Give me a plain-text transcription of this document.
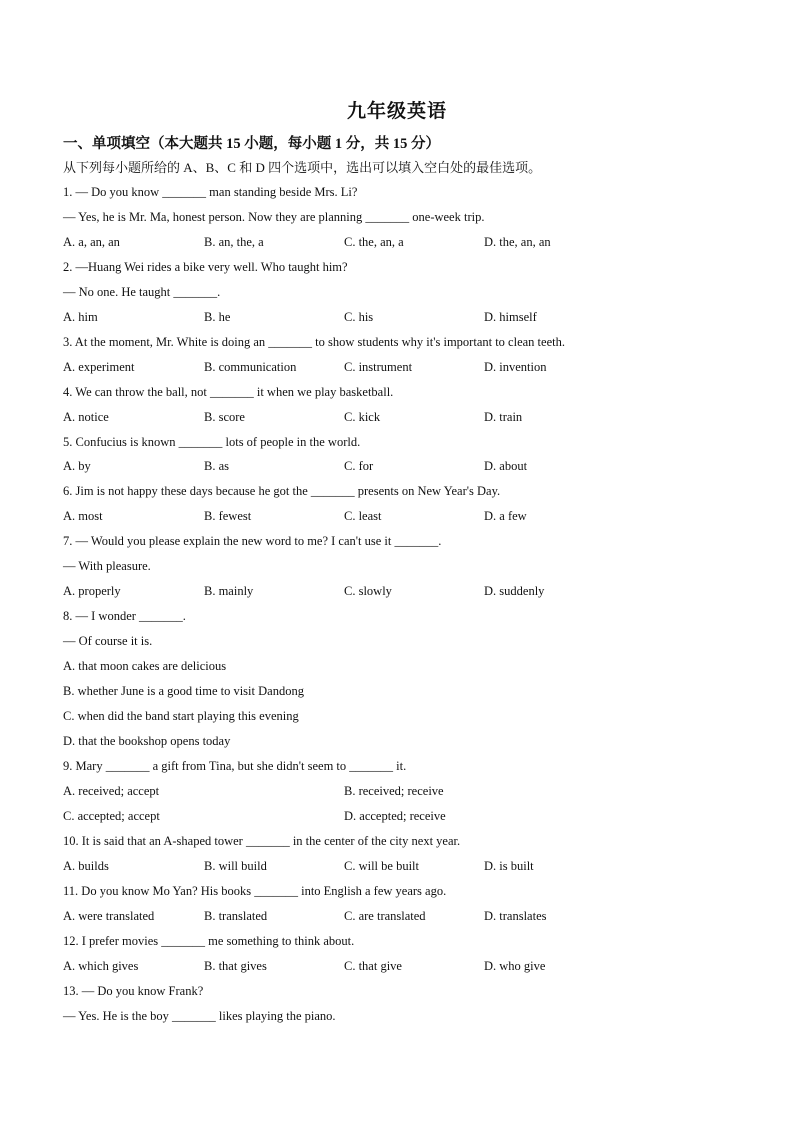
九年级英语
一、单项填空（本大题共 15 小题，每小题 1 分，共 15 分）
从下列每小题所给的 A、B、C 和 D 四个选项中，选出可以填入空白处的最佳选项。
1. — Do you know _______ man standing beside Mrs. Li?
— Yes, he is Mr. Ma, honest person. Now they are planning _______ one-week trip.
A. a, an, an	B. an, the, a	C. the, an, a	D. the, an, an
2. —Huang Wei rides a bike very well. Who taught him?
— No one. He taught _______.
A. him	B. he	C. his	D. himself
3. At the moment, Mr. White is doing an _______ to show students why it's important to clean teeth.
A. experiment	B. communication	C. instrument	D. invention
4. We can throw the ball, not _______ it when we play basketball.
A. notice	B. score	C. kick	D. train
5. Confucius is known _______ lots of people in the world.
A. by	B. as	C. for	D. about
6. Jim is not happy these days because he got the _______ presents on New Year's Day.
A. most	B. fewest	C. least	D. a few
7. — Would you please explain the new word to me? I can't use it _______.
— With pleasure.
A. properly	B. mainly	C. slowly	D. suddenly
8. — I wonder _______.
— Of course it is.
A. that moon cakes are delicious
B. whether June is a good time to visit Dandong
C. when did the band start playing this evening
D. that the bookshop opens today
9. Mary _______ a gift from Tina, but she didn't seem to _______ it.
A. received; accept	B. received; receive
C. accepted; accept	D. accepted; receive
10. It is said that an A-shaped tower _______ in the center of the city next year.
A. builds	B. will build	C. will be built	D. is built
11. Do you know Mo Yan? His books _______ into English a few years ago.
A. were translated	B. translated	C. are translated	D. translates
12. I prefer movies _______ me something to think about.
A. which gives	B. that gives	C. that give	D. who give
13. — Do you know Frank?
— Yes. He is the boy _______ likes playing the piano.
